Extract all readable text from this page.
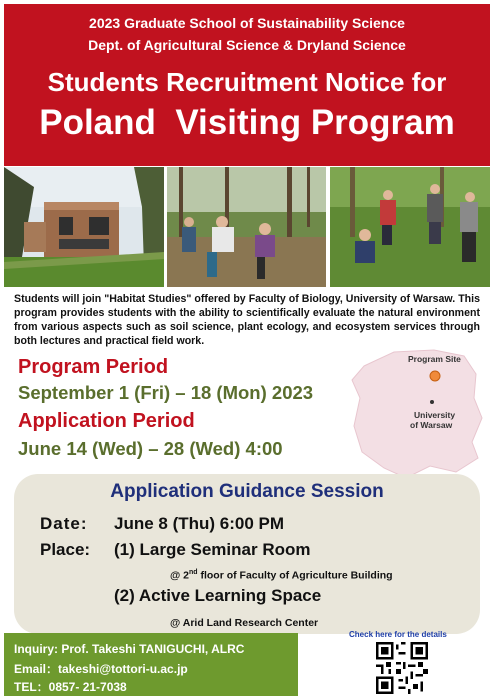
2023 Graduate School of Sustainability Science
Dept. of Agricultural Science & Dryland Science
Students Recruitment Notice for
Poland  Visiting Program
Students will join "Habitat Studies" offered by Faculty of Biology, University of Warsaw. This program provides students with the ability to scientifically evaluate the natural environment from various aspects such as soil science, plant ecology, and ecosystem services through both lectures and practical field work.
Program Period
September 1 (Fri) – 18 (Mon) 2023
Application Period
June 14 (Wed) – 28 (Wed) 4:00
Program Site
University
of Warsaw
Application Guidance Session
Date: June 8 (Thu) 6:00 PM
Place: (1) Large Seminar Room
@ 2nd floor of Faculty of Agriculture Building
(2) Active Learning Space
@ Arid Land Research Center
Inquiry: Prof. Takeshi TANIGUCHI, ALRC
Email：takeshi@tottori-u.ac.jp
TEL：0857- 21-7038
Check here for the details
